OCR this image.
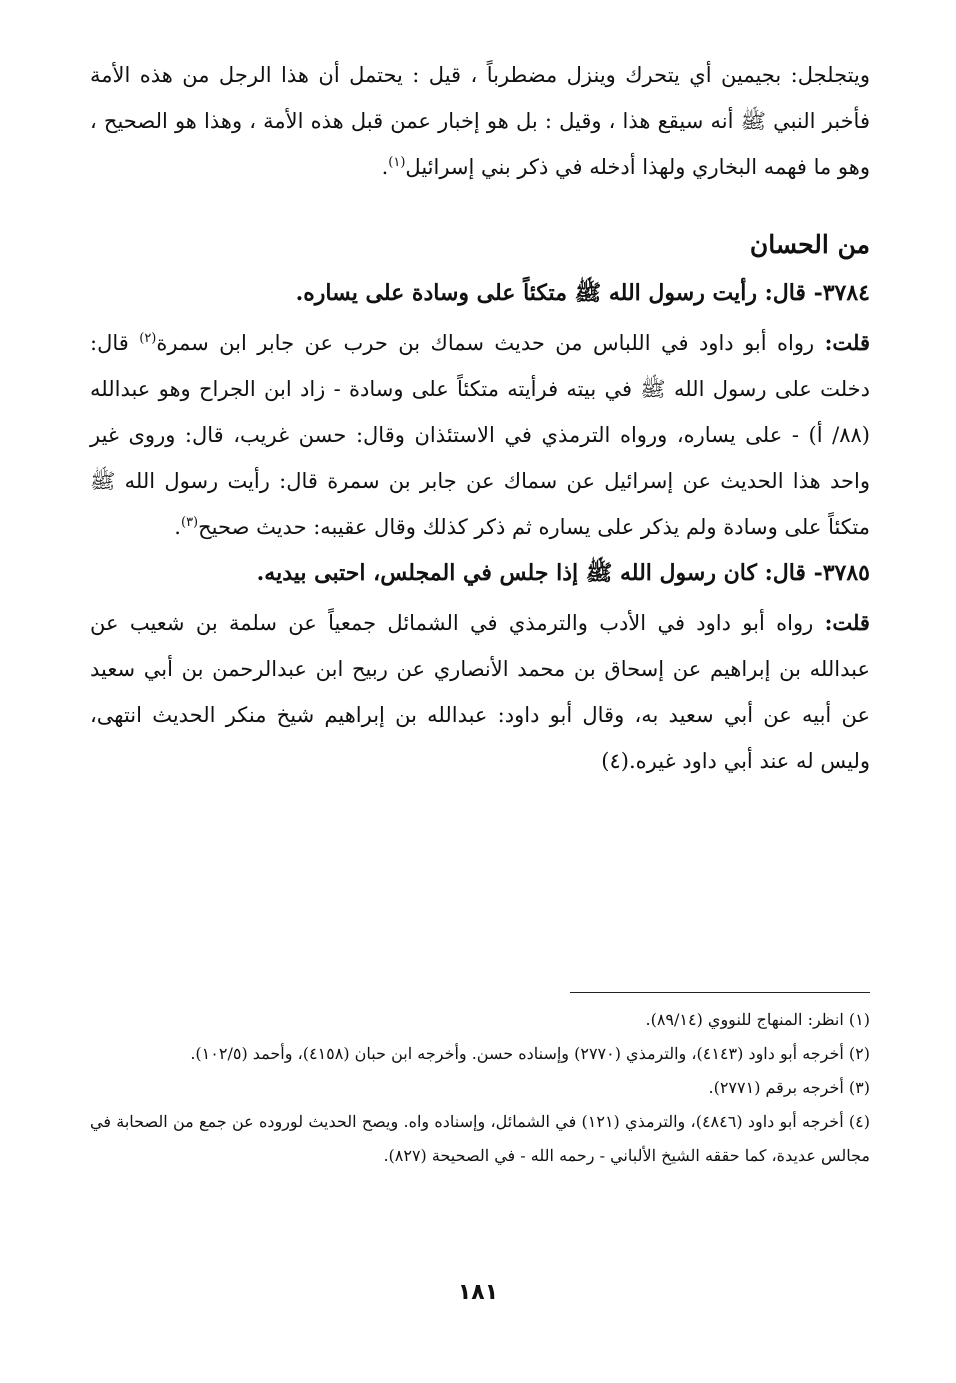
ويتجلجل: بجيمين أي يتحرك وينزل مضطرباً ، قيل : يحتمل أن هذا الرجل من هذه الأمة فأخبر النبي ﷺ أنه سيقع هذا ، وقيل : بل هو إخبار عمن قبل هذه الأمة ، وهذا هو الصحيح ، وهو ما فهمه البخاري ولهذا أدخله في ذكر بني إسرائيل$^{(١)}$.

من الحسان

٣٧٨٤- قال: رأيت رسول الله ﷺ متكئاً على وسادة على يساره.

قلت: رواه أبو داود في اللباس من حديث سماك بن حرب عن جابر ابن سمرة$^{(٢)}$ قال: دخلت على رسول الله ﷺ في بيته فرأيته متكئاً على وسادة - زاد ابن الجراح وهو عبدالله (٨٨/ أ) - على يساره، ورواه الترمذي في الاستئذان وقال: حسن غريب، قال: وروى غير واحد هذا الحديث عن إسرائيل عن سماك عن جابر بن سمرة قال: رأيت رسول الله ﷺ متكئاً على وسادة ولم يذكر على يساره ثم ذكر كذلك وقال عقيبه: حديث صحيح$^{(٣)}$.

٣٧٨٥- قال: كان رسول الله ﷺ إذا جلس في المجلس، احتبى بيديه.

قلت: رواه أبو داود في الأدب والترمذي في الشمائل جمعياً عن سلمة بن شعيب عن عبدالله بن إبراهيم عن إسحاق بن محمد الأنصاري عن ربيح ابن عبدالرحمن بن أبي سعيد عن أبيه عن أبي سعيد به، وقال أبو داود: عبدالله بن إبراهيم شيخ منكر الحديث انتهى، وليس له عند أبي داود غيره.(٤)

(١) انظر: المنهاج للنووي (٨٩/١٤).

(٢) أخرجه أبو داود (٤١٤٣)، والترمذي (٢٧٧٠) وإسناده حسن. وأخرجه ابن حبان (٤١٥٨)، وأحمد (١٠٢/٥).

(٣) أخرجه برقم (٢٧٧١).

(٤) أخرجه أبو داود (٤٨٤٦)، والترمذي (١٢١) في الشمائل، وإسناده واه. ويصح الحديث لوروده عن جمع من الصحابة في مجالس عديدة، كما حققه الشيخ الألباني - رحمه الله - في الصحيحة (٨٢٧).

١٨١
